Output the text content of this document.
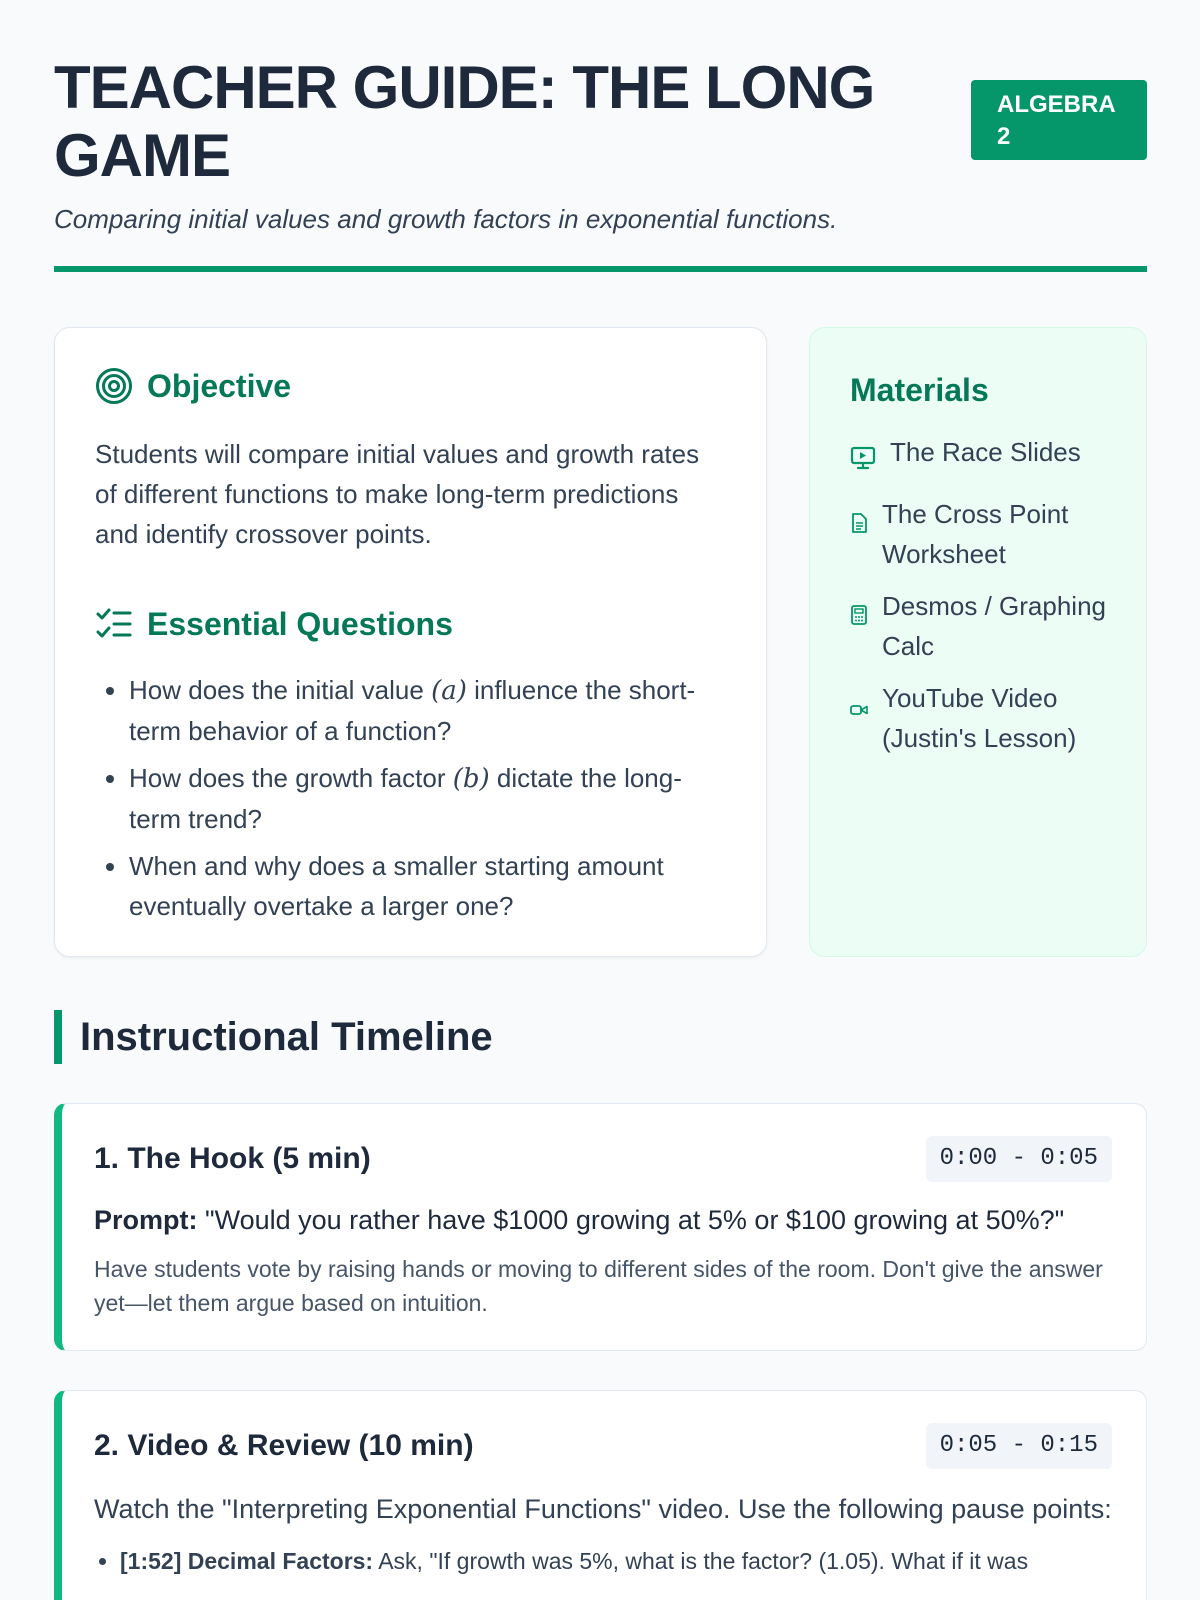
TEACHER GUIDE: THE LONG GAME
ALGEBRA 2

Comparing initial values and growth factors in exponential functions.

Objective

Students will compare initial values and growth rates of different functions to make long-term predictions and identify crossover points.

Essential Questions
• How does the initial value (a) influence the short-term behavior of a function?
• How does the growth factor (b) dictate the long-term trend?
• When and why does a smaller starting amount eventually overtake a larger one?
Materials
The Race Slides
The Cross Point Worksheet
Desmos / Graphing Calc
YouTube Video (Justin's Lesson)
Instructional Timeline
1. The Hook (5 min)	0:00 - 0:05

Prompt: "Would you rather have $1000 growing at 5% or $100 growing at 50%?"

Have students vote by raising hands or moving to different sides of the room. Don't give the answer yet—let them argue based on intuition.

2. Video & Review (10 min)	0:05 - 0:15

Watch the "Interpreting Exponential Functions" video. Use the following pause points:

• [1:52] Decimal Factors: Ask, "If growth was 5%, what is the factor? (1.05). What if it was
